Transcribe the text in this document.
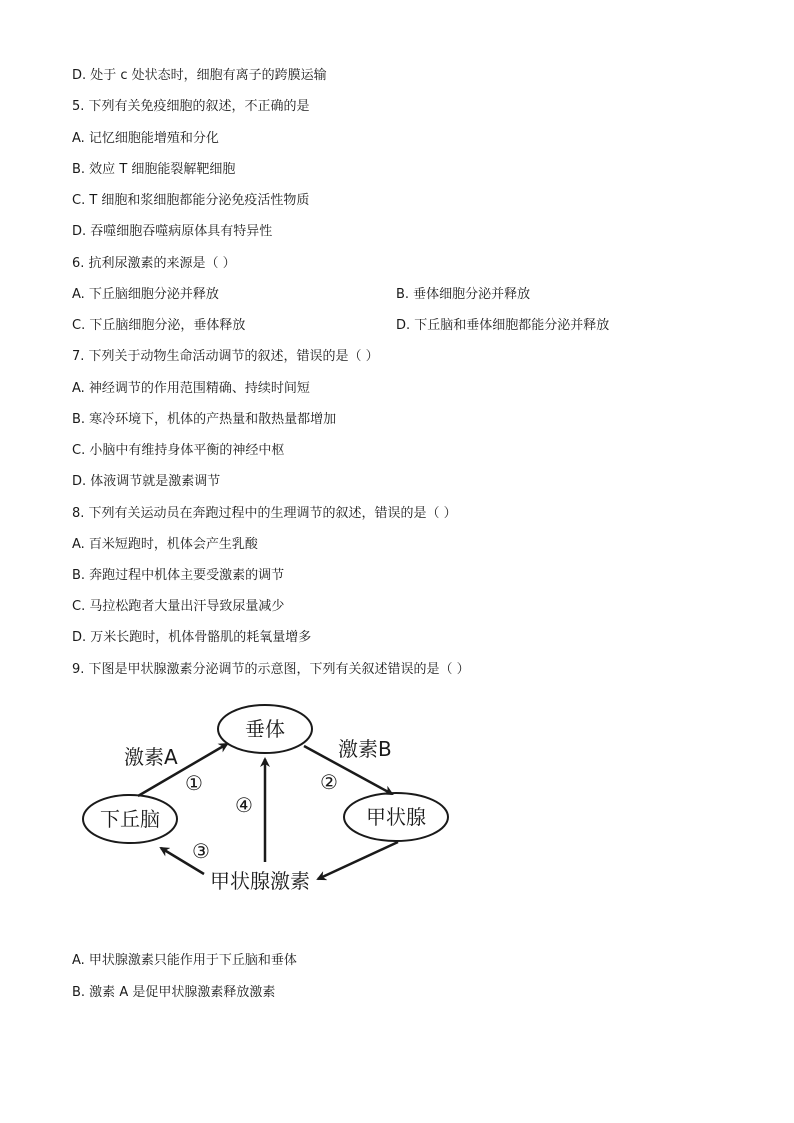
D. 处于 c 处状态时，细胞有离子的跨膜运输
5. 下列有关免疫细胞的叙述，不正确的是
A. 记忆细胞能增殖和分化
B. 效应 T 细胞能裂解靶细胞
C. T 细胞和浆细胞都能分泌免疫活性物质
D. 吞噬细胞吞噬病原体具有特异性
6. 抗利尿激素的来源是（ ）
A. 下丘脑细胞分泌并释放	B. 垂体细胞分泌并释放
C. 下丘脑细胞分泌，垂体释放	D. 下丘脑和垂体细胞都能分泌并释放
7. 下列关于动物生命活动调节的叙述，错误的是（ ）
A. 神经调节的作用范围精确、持续时间短
B. 寒冷环境下，机体的产热量和散热量都增加
C. 小脑中有维持身体平衡的神经中枢
D. 体液调节就是激素调节
8. 下列有关运动员在奔跑过程中的生理调节的叙述，错误的是（ ）
A. 百米短跑时，机体会产生乳酸
B. 奔跑过程中机体主要受激素的调节
C. 马拉松跑者大量出汗导致尿量减少
D. 万米长跑时，机体骨骼肌的耗氧量增多
9. 下图是甲状腺激素分泌调节的示意图，下列有关叙述错误的是（ ）
A. 甲状腺激素只能作用于下丘脑和垂体
B. 激素 A 是促甲状腺激素释放激素
垂体
下丘脑	甲状腺
甲状腺激素
激素A	激素B
①	②
③
④
